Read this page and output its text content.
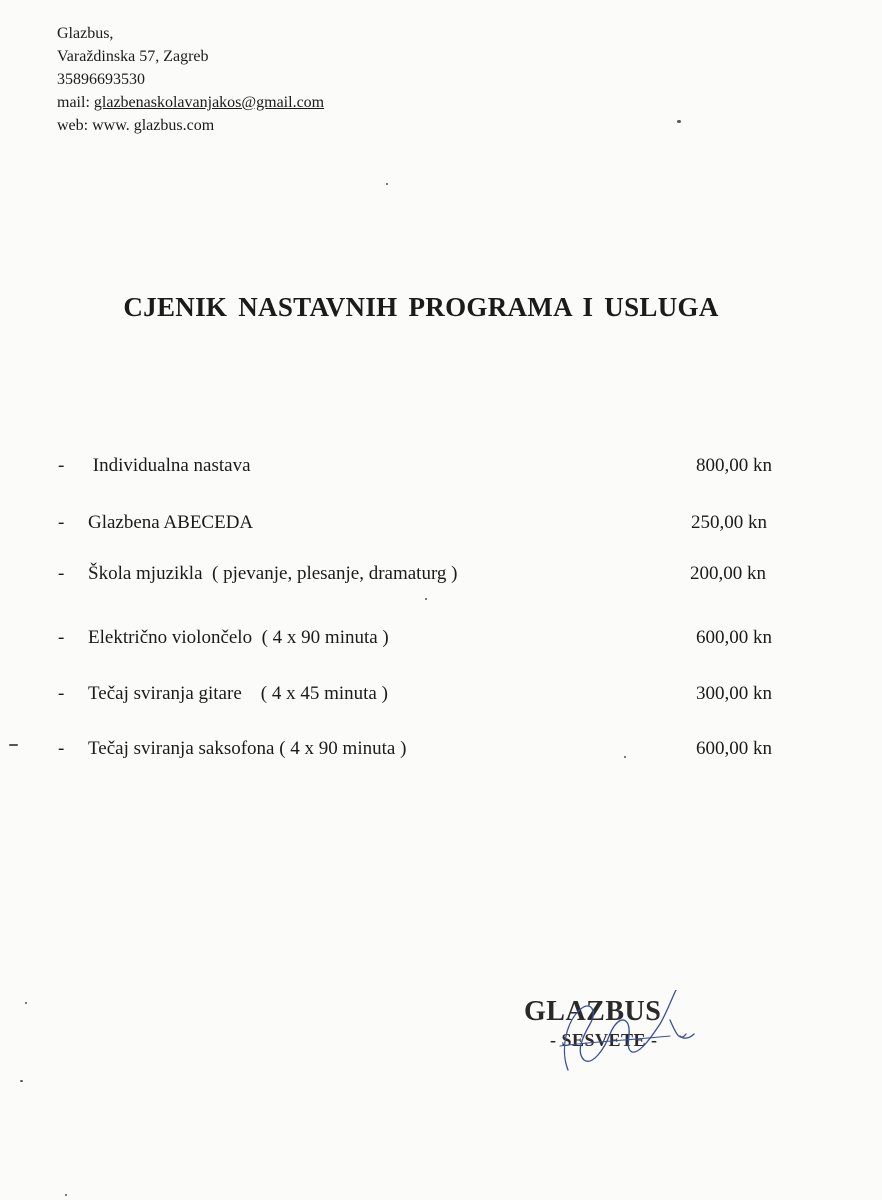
Glazbus,
Varaždinska 57, Zagreb
35896693530
mail: glazbenaskolavanjakos@gmail.com
web: www. glazbus.com
CJENIK NASTAVNIH PROGRAMA I USLUGA
- Individualna nastava	800,00 kn
- Glazbena ABECEDA	250,00 kn
- Škola mjuzikla  ( pjevanje, plesanje, dramaturg )	200,00 kn
- Električno violončelo  ( 4 x 90 minuta )	600,00 kn
- Tečaj sviranja gitare    ( 4 x 45 minuta )	300,00 kn
- Tečaj sviranja saksofona ( 4 x 90 minuta )	600,00 kn
GLAZBUS
- SESVETE -
